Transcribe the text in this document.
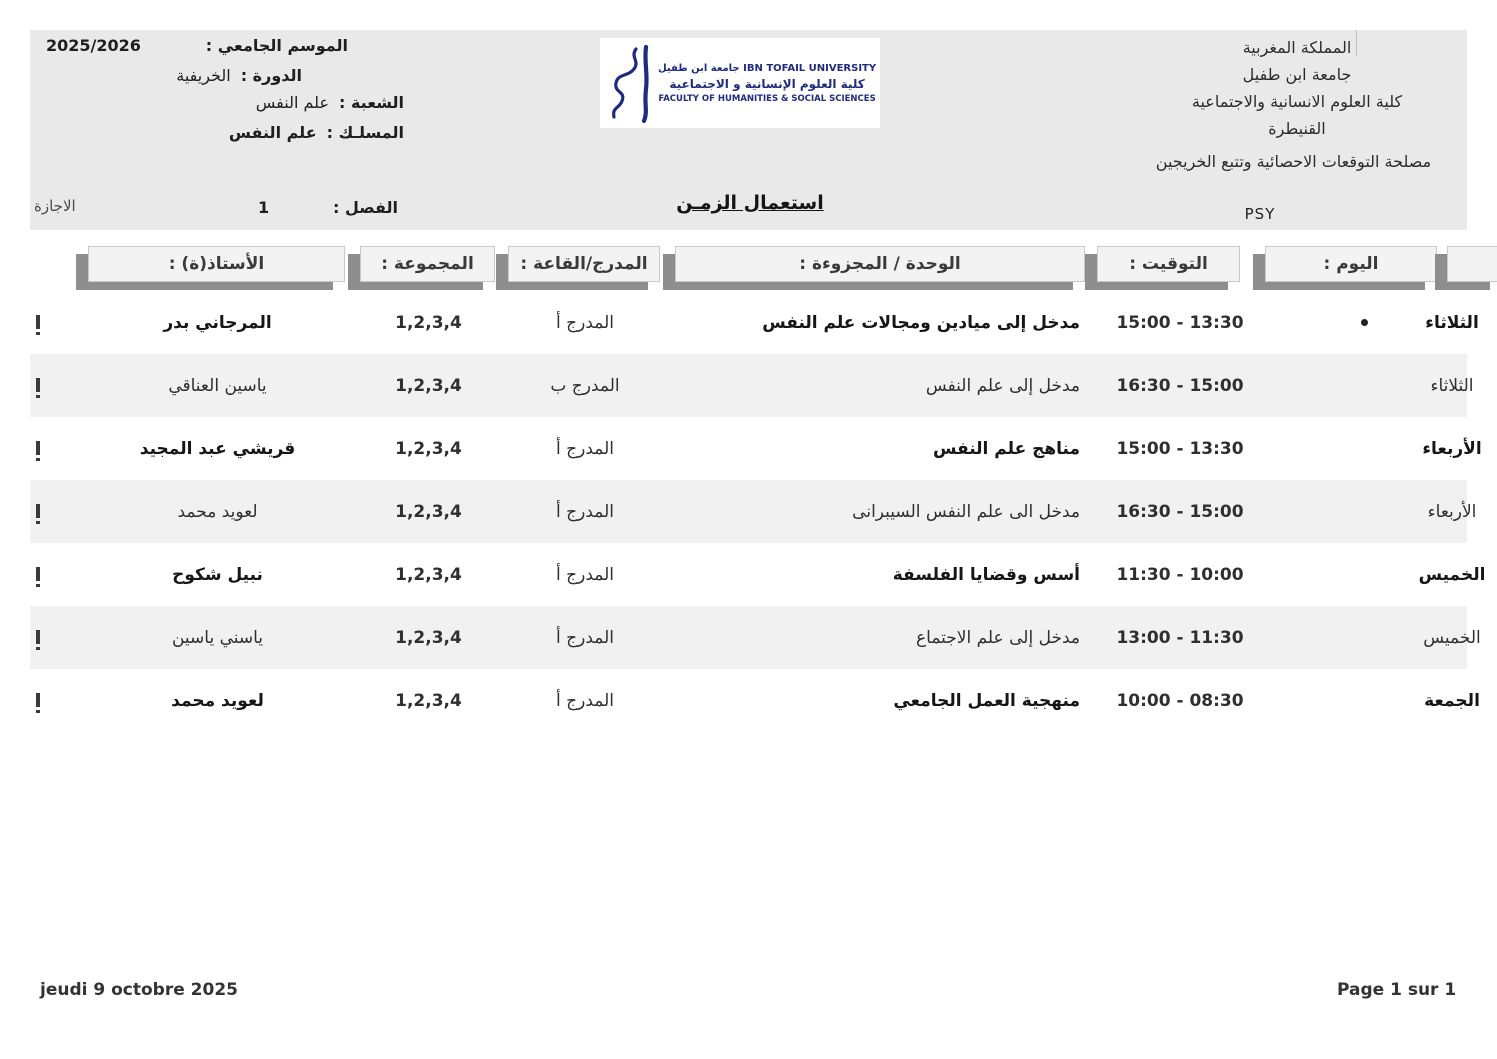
المملكة المغربية
جامعة ابن طفيل
كلية العلوم الانسانية والاجتماعية
القنيطرة
مصلحة التوقعات الاحصائية وتتبع الخريجين
PSY
الموسم الجامعي :
2025/2026
الدورة :
الخريفية
الشعبة :
علم النفس
المسلـك :
علم النفس
الفصل :
1
الاجازة
IBN TOFAIL UNIVERSITY جامعة ابن طفيل
كلية العلوم الإنسانية و الاجتماعية
FACULTY OF HUMANITIES & SOCIAL SCIENCES
استعمال الزمـن
اليوم :
التوقيت :
الوحدة / المجزوءة :
المدرج/القاعة :
المجموعة :
الأستاذ(ة) :
الثلاثاء
15:00 - 13:30
مدخل إلى ميادين ومجالات علم النفس
المدرج أ
1,2,3,4
المرجاني بدر
الثلاثاء
16:30 - 15:00
مدخل إلى علم النفس
المدرج ب
1,2,3,4
ياسين العناقي
الأربعاء
15:00 - 13:30
مناهج علم النفس
المدرج أ
1,2,3,4
قريشي عبد المجيد
الأربعاء
16:30 - 15:00
مدخل الى علم النفس السيبرانى
المدرج أ
1,2,3,4
لعويد محمد
الخميس
11:30 - 10:00
أسس وقضايا الفلسفة
المدرج أ
1,2,3,4
نبيل شكوح
الخميس
13:00 - 11:30
مدخل إلى علم الاجتماع
المدرج أ
1,2,3,4
ياسني ياسين
الجمعة
10:00 - 08:30
منهجية العمل الجامعي
المدرج أ
1,2,3,4
لعويد محمد
jeudi 9 octobre 2025	Page 1 sur 1
